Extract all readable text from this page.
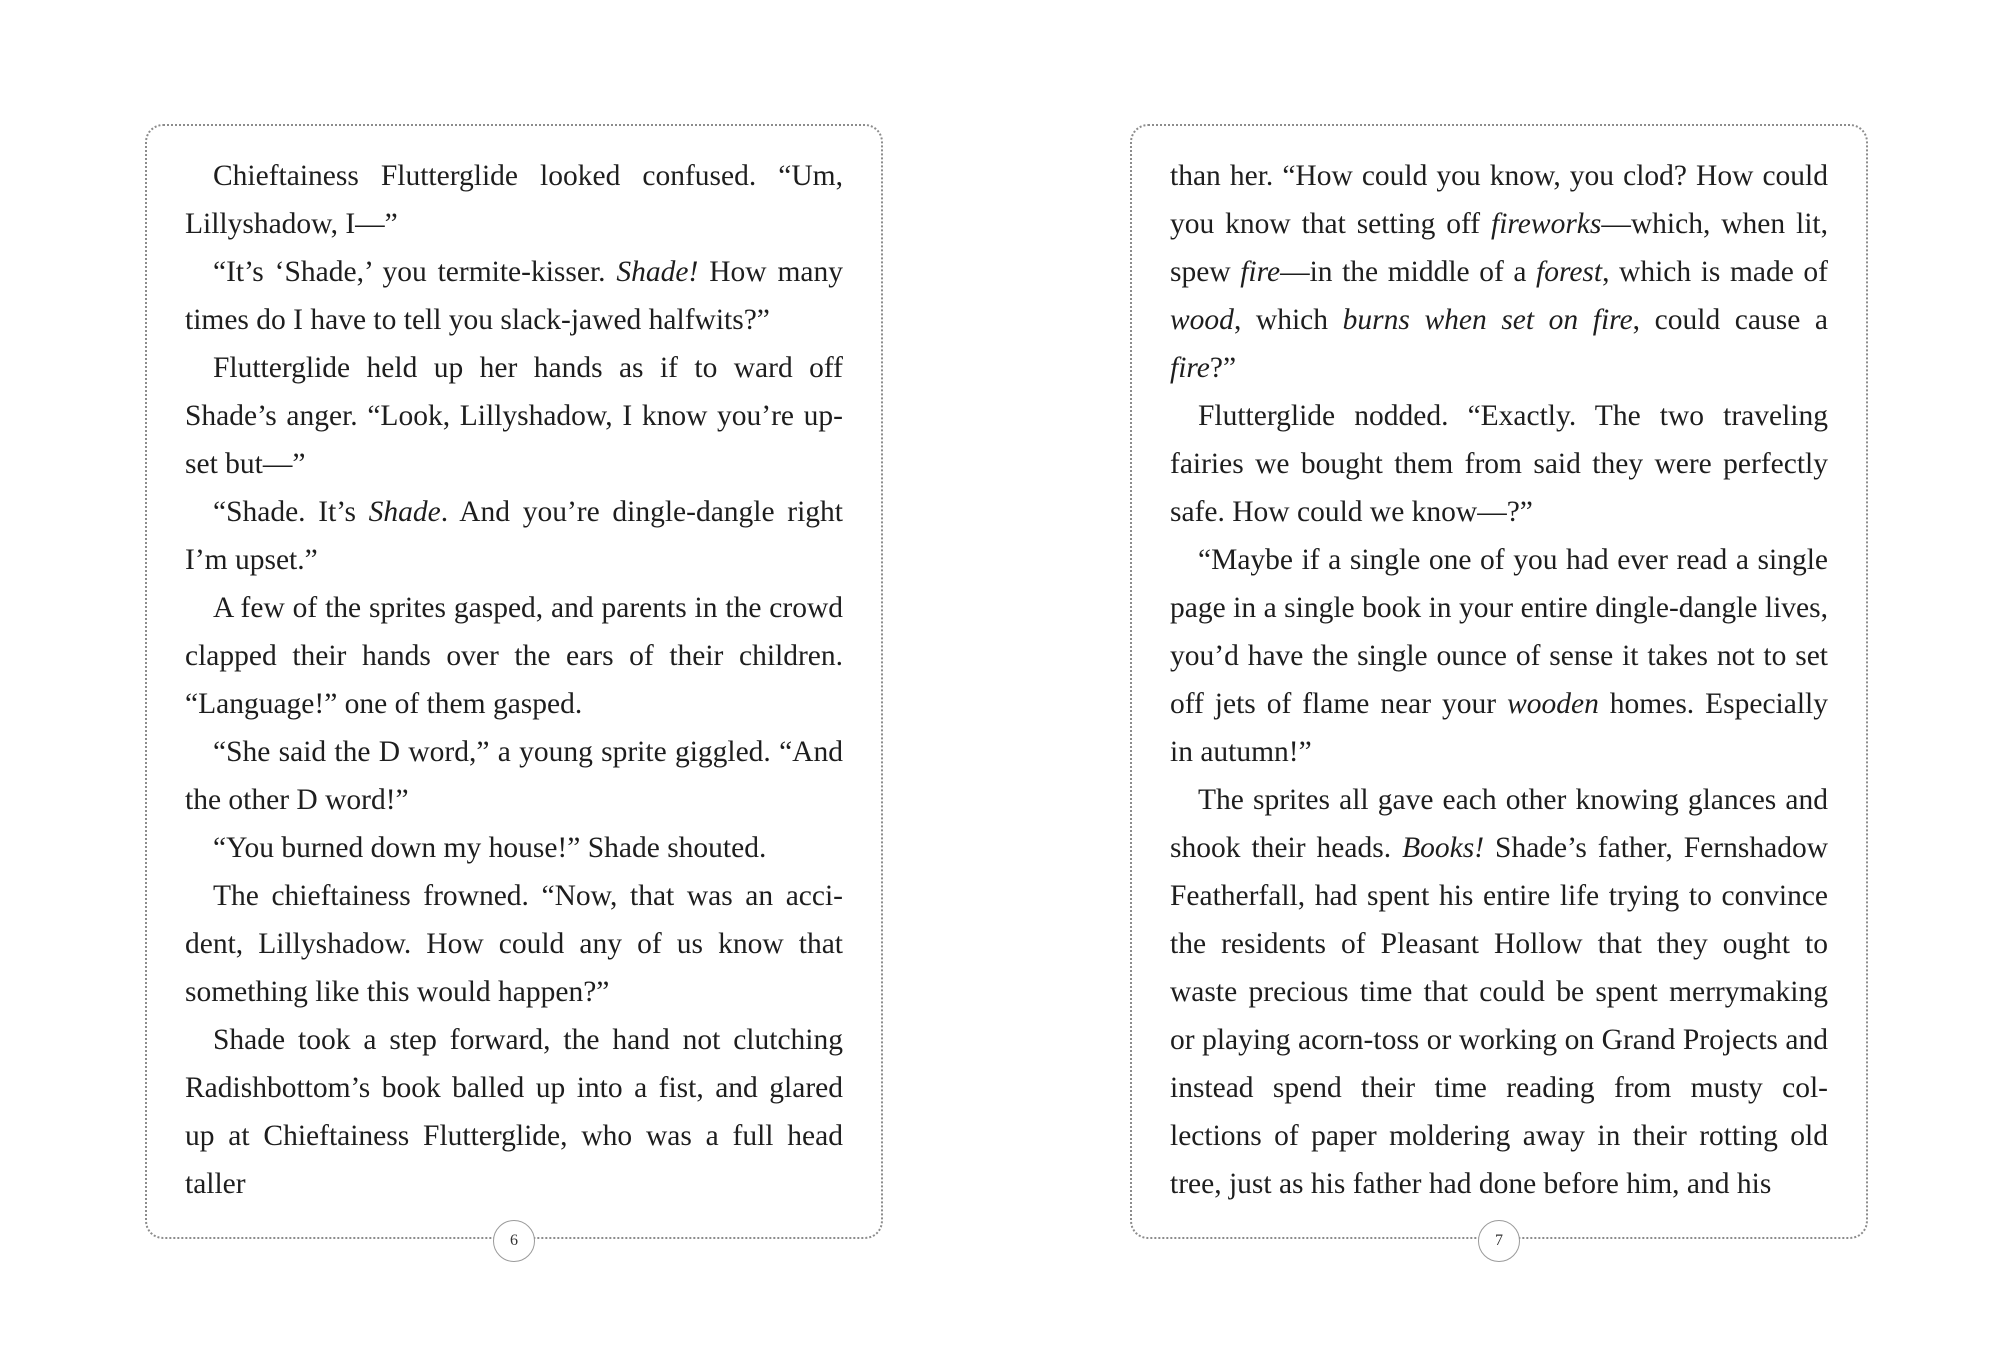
Chieftainess Flutterglide looked confused. “Um, Lillyshadow, I—”

“It’s ‘Shade,’ you termite-kisser. Shade! How many times do I have to tell you slack-jawed halfwits?”

Flutterglide held up her hands as if to ward off Shade’s anger. “Look, Lillyshadow, I know you’re up-set but—”

“Shade. It’s Shade. And you’re dingle-dangle right I’m upset.”

A few of the sprites gasped, and parents in the crowd clapped their hands over the ears of their children. “Language!” one of them gasped.

“She said the D word,” a young sprite giggled. “And the other D word!”

“You burned down my house!” Shade shouted.

The chieftainess frowned. “Now, that was an acci-dent, Lillyshadow. How could any of us know that something like this would happen?”

Shade took a step forward, the hand not clutching Radishbottom’s book balled up into a fist, and glared up at Chieftainess Flutterglide, who was a full head taller

6

than her. “How could you know, you clod? How could you know that setting off fireworks—which, when lit, spew fire—in the middle of a forest, which is made of wood, which burns when set on fire, could cause a fire?”

Flutterglide nodded. “Exactly. The two traveling fairies we bought them from said they were perfectly safe. How could we know—?”

“Maybe if a single one of you had ever read a single page in a single book in your entire dingle-dangle lives, you’d have the single ounce of sense it takes not to set off jets of flame near your wooden homes. Especially in autumn!”

The sprites all gave each other knowing glances and shook their heads. Books! Shade’s father, Fernshadow Featherfall, had spent his entire life trying to convince the residents of Pleasant Hollow that they ought to waste precious time that could be spent merrymaking or playing acorn-toss or working on Grand Projects and instead spend their time reading from musty col-lections of paper moldering away in their rotting old tree, just as his father had done before him, and his

7
